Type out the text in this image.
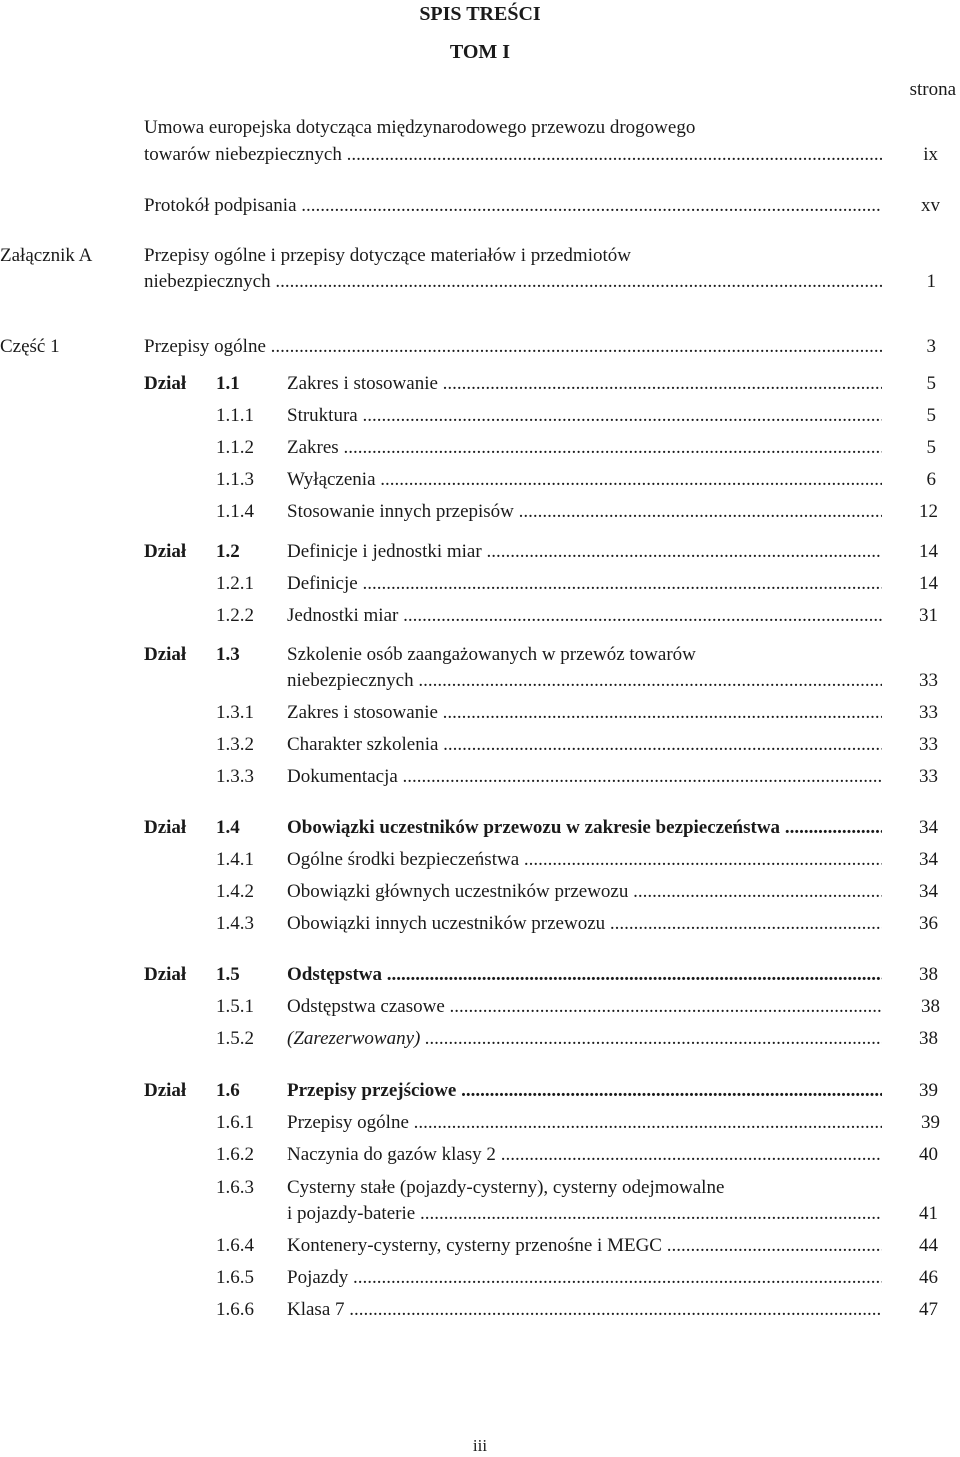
SPIS TREŚCI
TOM I
strona
Umowa europejska dotycząca międzynarodowego przewozu drogowego
towarów niebezpiecznych .....	ix
Protokół podpisania .....	xv
Załącznik A	Przepisy ogólne i przepisy dotyczące materiałów i przedmiotów
niebezpiecznych .....	1
Część 1	Przepisy ogólne .....	3
Dział 1.1 Zakres i stosowanie .....	5
1.1.1 Struktura .....	5
1.1.2 Zakres .....	5
1.1.3 Wyłączenia .....	6
1.1.4 Stosowanie innych przepisów .....	12
Dział 1.2 Definicje i jednostki miar .....	14
1.2.1 Definicje .....	14
1.2.2 Jednostki miar .....	31
Dział 1.3 Szkolenie osób zaangażowanych w przewóz towarów
niebezpiecznych .....	33
1.3.1 Zakres i stosowanie .....	33
1.3.2 Charakter szkolenia .....	33
1.3.3 Dokumentacja .....	33
Dział 1.4 Obowiązki uczestników przewozu w zakresie bezpieczeństwa .....	34
1.4.1 Ogólne środki bezpieczeństwa .....	34
1.4.2 Obowiązki głównych uczestników przewozu .....	34
1.4.3 Obowiązki innych uczestników przewozu .....	36
Dział 1.5 Odstępstwa .....	38
1.5.1 Odstępstwa czasowe .....	38
1.5.2 (Zarezerwowany) .....	38
Dział 1.6 Przepisy przejściowe .....	39
1.6.1 Przepisy ogólne .....	39
1.6.2 Naczynia do gazów klasy 2 .....	40
1.6.3 Cysterny stałe (pojazdy-cysterny), cysterny odejmowalne
i pojazdy-baterie .....	41
1.6.4 Kontenery-cysterny, cysterny przenośne i MEGC .....	44
1.6.5 Pojazdy .....	46
1.6.6 Klasa 7 .....	47
iii
